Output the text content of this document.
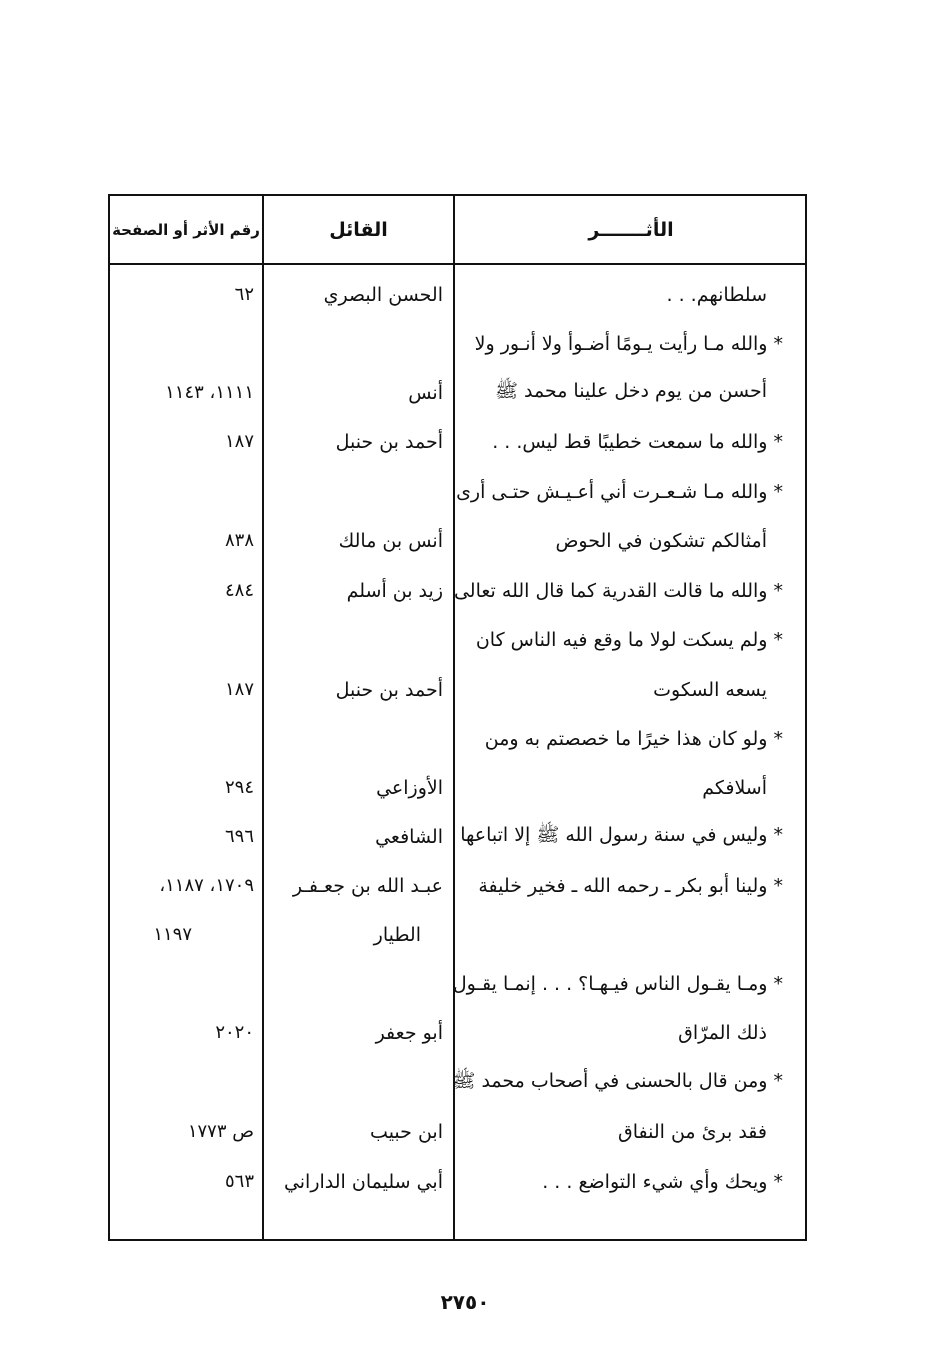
الأثـــــــر
القائل
رقم الأثر أو الصفحة
سلطانهم. . .
الحسن البصري
٦٢
* والله مـا رأيت يـومًا أضـوأ ولا أنـور ولا
أحسن من يوم دخل علينا محمد ﷺ
أنس
١١١١، ١١٤٣
* والله ما سمعت خطيبًا قط ليس. . .
أحمد بن حنبل
١٨٧
* والله مـا شـعـرت أني أعـيـش حتـى أرى
أمثالكم تشكون في الحوض
أنس بن مالك
٨٣٨
* والله ما قالت القدرية كما قال الله تعالى
زيد بن أسلم
٤٨٤
* ولم يسكت لولا ما وقع فيه الناس كان
يسعه السكوت
أحمد بن حنبل
١٨٧
* ولو كان هذا خيرًا ما خصصتم به ومن
أسلافكم
الأوزاعي
٢٩٤
* وليس في سنة رسول الله ﷺ إلا اتباعها
الشافعي
٦٩٦
* ولينا أبو بكر ـ رحمه الله ـ فخير خليفة
عبـد الله بن جعـفـر
١٧٠٩، ١١٨٧،
الطيار
١١٩٧
* ومـا يقـول الناس فيـهـا؟ . . . إنمـا يقـول
ذلك المرّاق
أبو جعفر
٢٠٢٠
* ومن قال بالحسنى في أصحاب محمد ﷺ
فقد برئ من النفاق
ابن حبيب
ص ١٧٧٣
* ويحك وأي شيء التواضع . . .
أبي سليمان الداراني
٥٦٣
٢٧٥٠
